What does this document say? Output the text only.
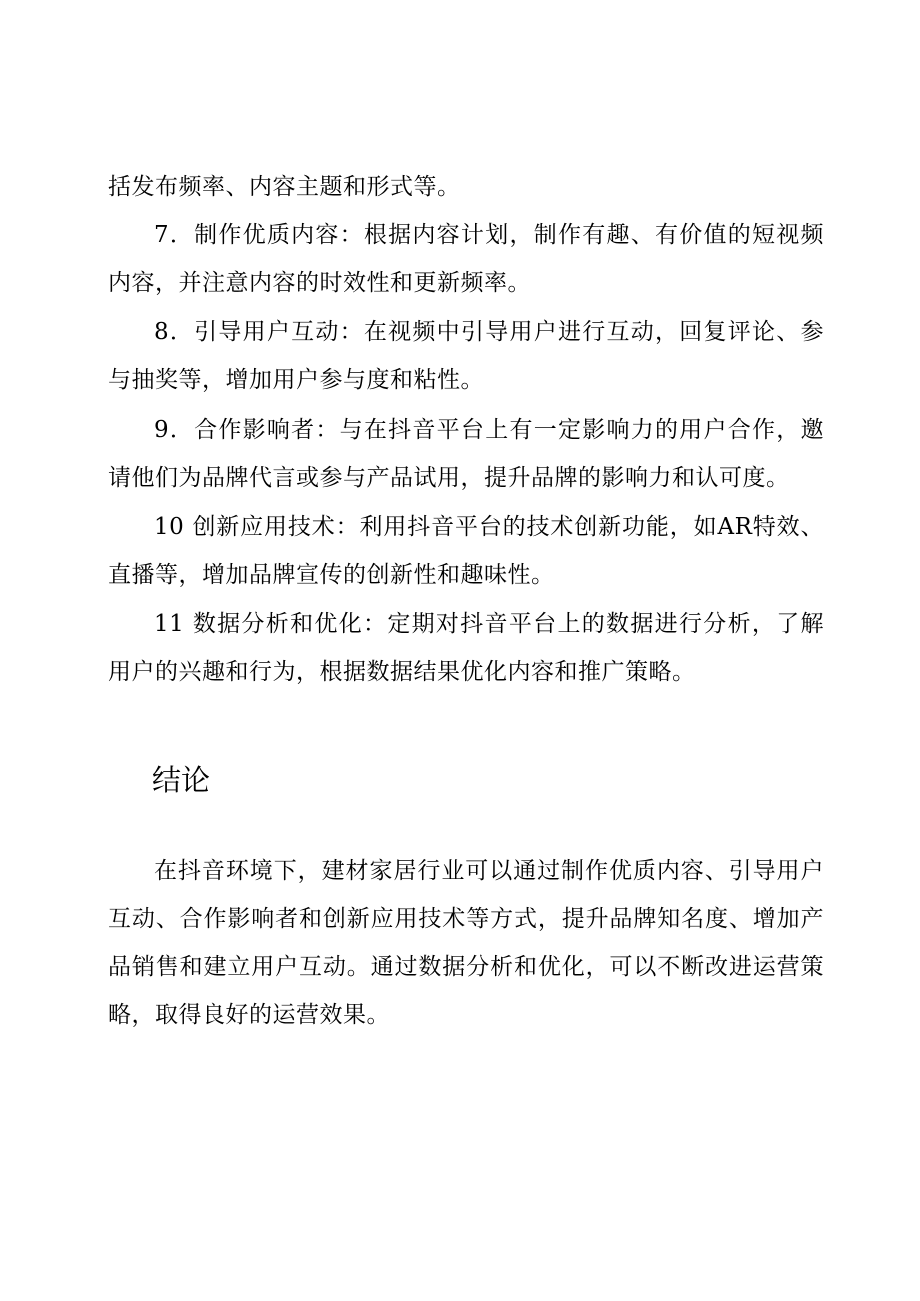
括发布频率、内容主题和形式等。

7．制作优质内容：根据内容计划，制作有趣、有价值的短视频内容，并注意内容的时效性和更新频率。

8．引导用户互动：在视频中引导用户进行互动，回复评论、参与抽奖等，增加用户参与度和粘性。

9．合作影响者：与在抖音平台上有一定影响力的用户合作，邀请他们为品牌代言或参与产品试用，提升品牌的影响力和认可度。

10 创新应用技术：利用抖音平台的技术创新功能，如AR特效、直播等，增加品牌宣传的创新性和趣味性。

11 数据分析和优化：定期对抖音平台上的数据进行分析，了解用户的兴趣和行为，根据数据结果优化内容和推广策略。

结论

在抖音环境下，建材家居行业可以通过制作优质内容、引导用户互动、合作影响者和创新应用技术等方式，提升品牌知名度、增加产品销售和建立用户互动。通过数据分析和优化，可以不断改进运营策略，取得良好的运营效果。
